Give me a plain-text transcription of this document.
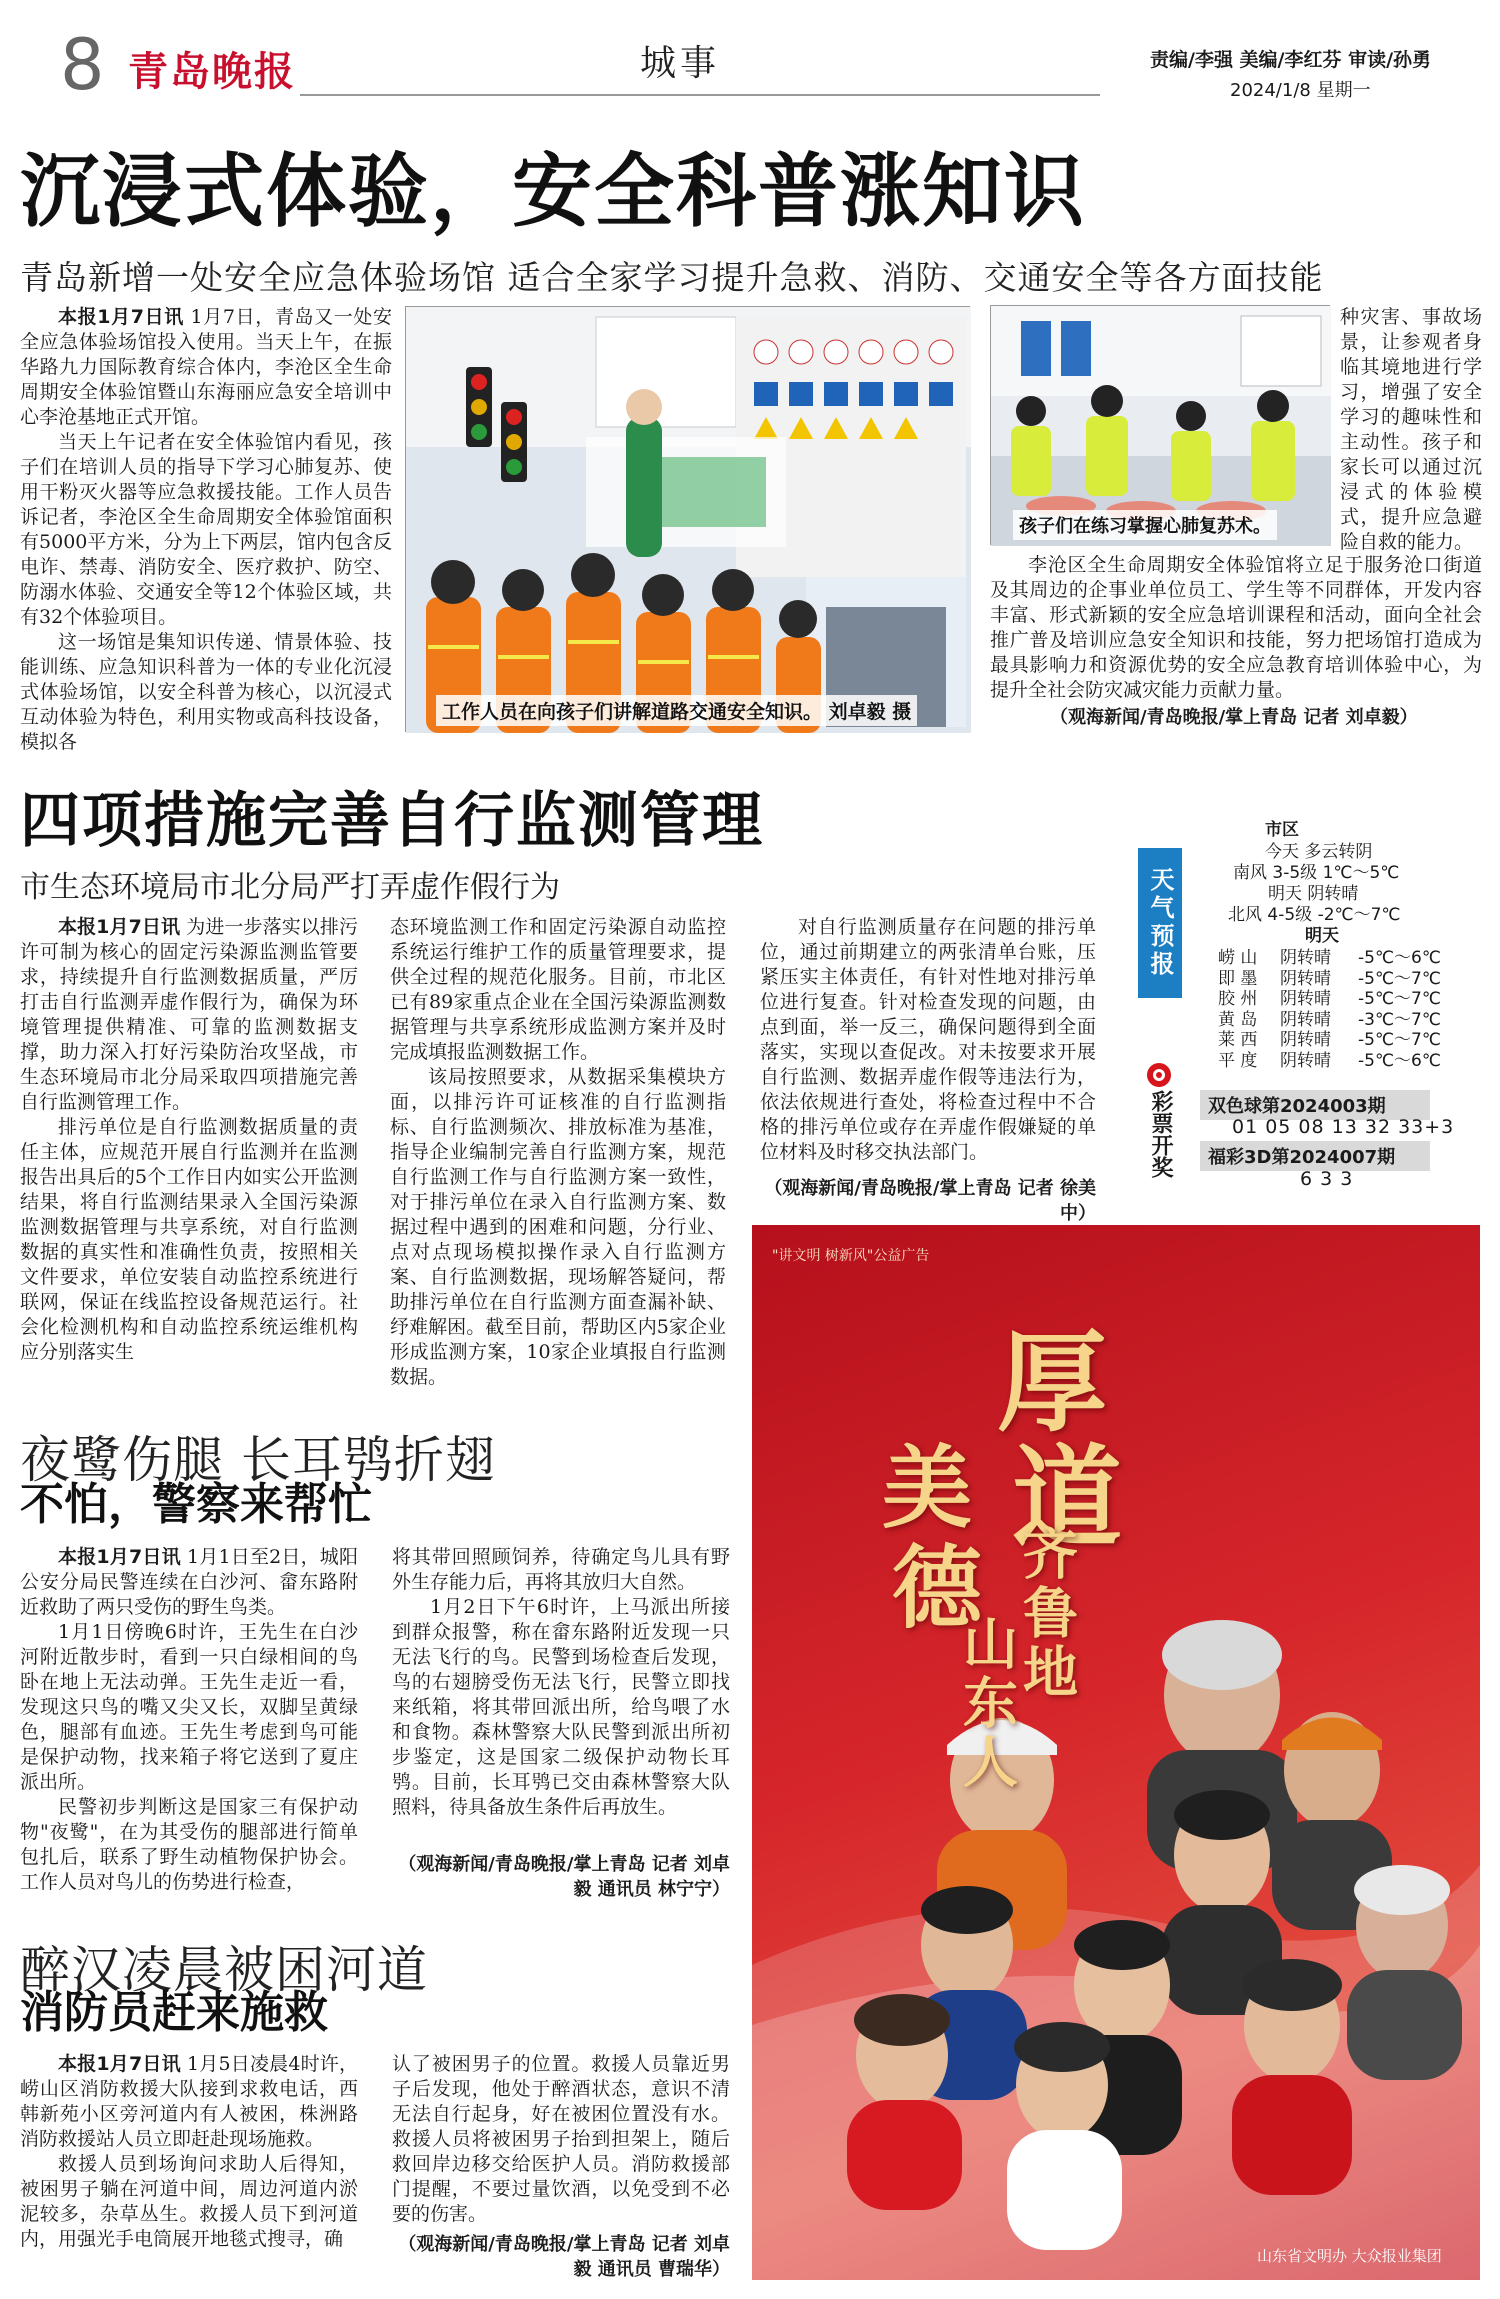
8 青岛晚报	城事	责编/李强 美编/李红芬 审读/孙勇
2024/1/8 星期一
沉浸式体验，安全科普涨知识
青岛新增一处安全应急体验场馆 适合全家学习提升急救、消防、交通安全等各方面技能

本报1月7日讯 1月7日，青岛又一处安全应急体验场馆投入使用。当天上午，在振华路九力国际教育综合体内，李沧区全生命周期安全体验馆暨山东海丽应急安全培训中心李沧基地正式开馆。

当天上午记者在安全体验馆内看见，孩子们在培训人员的指导下学习心肺复苏、使用干粉灭火器等应急救援技能。工作人员告诉记者，李沧区全生命周期安全体验馆面积有5000平方米，分为上下两层，馆内包含反电诈、禁毒、消防安全、医疗救护、防空、防溺水体验、交通安全等12个体验区域，共有32个体验项目。

这一场馆是集知识传递、情景体验、技能训练、应急知识科普为一体的专业化沉浸式体验场馆，以安全科普为核心，以沉浸式互动体验为特色，利用实物或高科技设备，模拟各

工作人员在向孩子们讲解道路交通安全知识。 刘卓毅 摄
孩子们在练习掌握心肺复苏术。

种灾害、事故场景，让参观者身临其境地进行学习，增强了安全学习的趣味性和主动性。孩子和家长可以通过沉浸式的体验模式，提升应急避险自救的能力。

李沧区全生命周期安全体验馆将立足于服务沧口街道及其周边的企事业单位员工、学生等不同群体，开发内容丰富、形式新颖的安全应急培训课程和活动，面向全社会推广普及培训应急安全知识和技能，努力把场馆打造成为最具影响力和资源优势的安全应急教育培训体验中心，为提升全社会防灾减灾能力贡献力量。

（观海新闻/青岛晚报/掌上青岛 记者 刘卓毅）
四项措施完善自行监测管理
市生态环境局市北分局严打弄虚作假行为

本报1月7日讯 为进一步落实以排污许可制为核心的固定污染源监测监管要求，持续提升自行监测数据质量，严厉打击自行监测弄虚作假行为，确保为环境管理提供精准、可靠的监测数据支撑，助力深入打好污染防治攻坚战，市生态环境局市北分局采取四项措施完善自行监测管理工作。

排污单位是自行监测数据质量的责任主体，应规范开展自行监测并在监测报告出具后的5个工作日内如实公开监测结果，将自行监测结果录入全国污染源监测数据管理与共享系统，对自行监测数据的真实性和准确性负责，按照相关文件要求，单位安装自动监控系统进行联网，保证在线监控设备规范运行。社会化检测机构和自动监控系统运维机构应分别落实生

态环境监测工作和固定污染源自动监控系统运行维护工作的质量管理要求，提供全过程的规范化服务。目前，市北区已有89家重点企业在全国污染源监测数据管理与共享系统形成监测方案并及时完成填报监测数据工作。

该局按照要求，从数据采集模块方面，以排污许可证核准的自行监测指标、自行监测频次、排放标准为基准，指导企业编制完善自行监测方案，规范自行监测工作与自行监测方案一致性，对于排污单位在录入自行监测方案、数据过程中遇到的困难和问题，分行业、点对点现场模拟操作录入自行监测方案、自行监测数据，现场解答疑问，帮助排污单位在自行监测方面查漏补缺、纾难解困。截至目前，帮助区内5家企业形成监测方案，10家企业填报自行监测数据。

对自行监测质量存在问题的排污单位，通过前期建立的两张清单台账，压紧压实主体责任，有针对性地对排污单位进行复查。针对检查发现的问题，由点到面，举一反三，确保问题得到全面落实，实现以查促改。对未按要求开展自行监测、数据弄虚作假等违法行为，依法依规进行查处，将检查过程中不合格的排污单位或存在弄虚作假嫌疑的单位材料及时移交执法部门。

（观海新闻/青岛晚报/掌上青岛 记者 徐美中）
天气预报
市区
今天 多云转阴
南风 3-5级 1℃～5℃
明天 阴转晴
北风 4-5级 -2℃～7℃
明天
崂 山 阴转晴 -5℃～6℃
即 墨 阴转晴 -5℃～7℃
胶 州 阴转晴 -5℃～7℃
黄 岛 阴转晴 -3℃～7℃
莱 西 阴转晴 -5℃～7℃
平 度 阴转晴 -5℃～6℃
彩票开奖	双色球第2024003期
01 05 08 13 32 33+3
福彩3D第2024007期
6 3 3
夜鹭伤腿 长耳鸮折翅
不怕，警察来帮忙

本报1月7日讯 1月1日至2日，城阳公安分局民警连续在白沙河、畲东路附近救助了两只受伤的野生鸟类。

1月1日傍晚6时许，王先生在白沙河附近散步时，看到一只白绿相间的鸟卧在地上无法动弹。王先生走近一看，发现这只鸟的嘴又尖又长，双脚呈黄绿色，腿部有血迹。王先生考虑到鸟可能是保护动物，找来箱子将它送到了夏庄派出所。

民警初步判断这是国家三有保护动物"夜鹭"，在为其受伤的腿部进行简单包扎后，联系了野生动植物保护协会。工作人员对鸟儿的伤势进行检查，

将其带回照顾饲养，待确定鸟儿具有野外生存能力后，再将其放归大自然。

1月2日下午6时许，上马派出所接到群众报警，称在畲东路附近发现一只无法飞行的鸟。民警到场检查后发现，鸟的右翅膀受伤无法飞行，民警立即找来纸箱，将其带回派出所，给鸟喂了水和食物。森林警察大队民警到派出所初步鉴定，这是国家二级保护动物长耳鸮。目前，长耳鸮已交由森林警察大队照料，待具备放生条件后再放生。

（观海新闻/青岛晚报/掌上青岛 记者 刘卓毅 通讯员 林宁宁）
醉汉凌晨被困河道
消防员赶来施救

本报1月7日讯 1月5日凌晨4时许，崂山区消防救援大队接到求救电话，西韩新苑小区旁河道内有人被困，株洲路消防救援站人员立即赶赴现场施救。

救援人员到场询问求助人后得知，被困男子躺在河道中间，周边河道内淤泥较多，杂草丛生。救援人员下到河道内，用强光手电筒展开地毯式搜寻，确

认了被困男子的位置。救援人员靠近男子后发现，他处于醉酒状态，意识不清无法自行起身，好在被困位置没有水。救援人员将被困男子抬到担架上，随后救回岸边移交给医护人员。消防救援部门提醒，不要过量饮酒，以免受到不必要的伤害。

（观海新闻/青岛晚报/掌上青岛 记者 刘卓毅 通讯员 曹瑞华）
"讲文明 树新风"公益广告
厚
道
美
德 齐鲁地
山东人
山东省文明办 大众报业集团
